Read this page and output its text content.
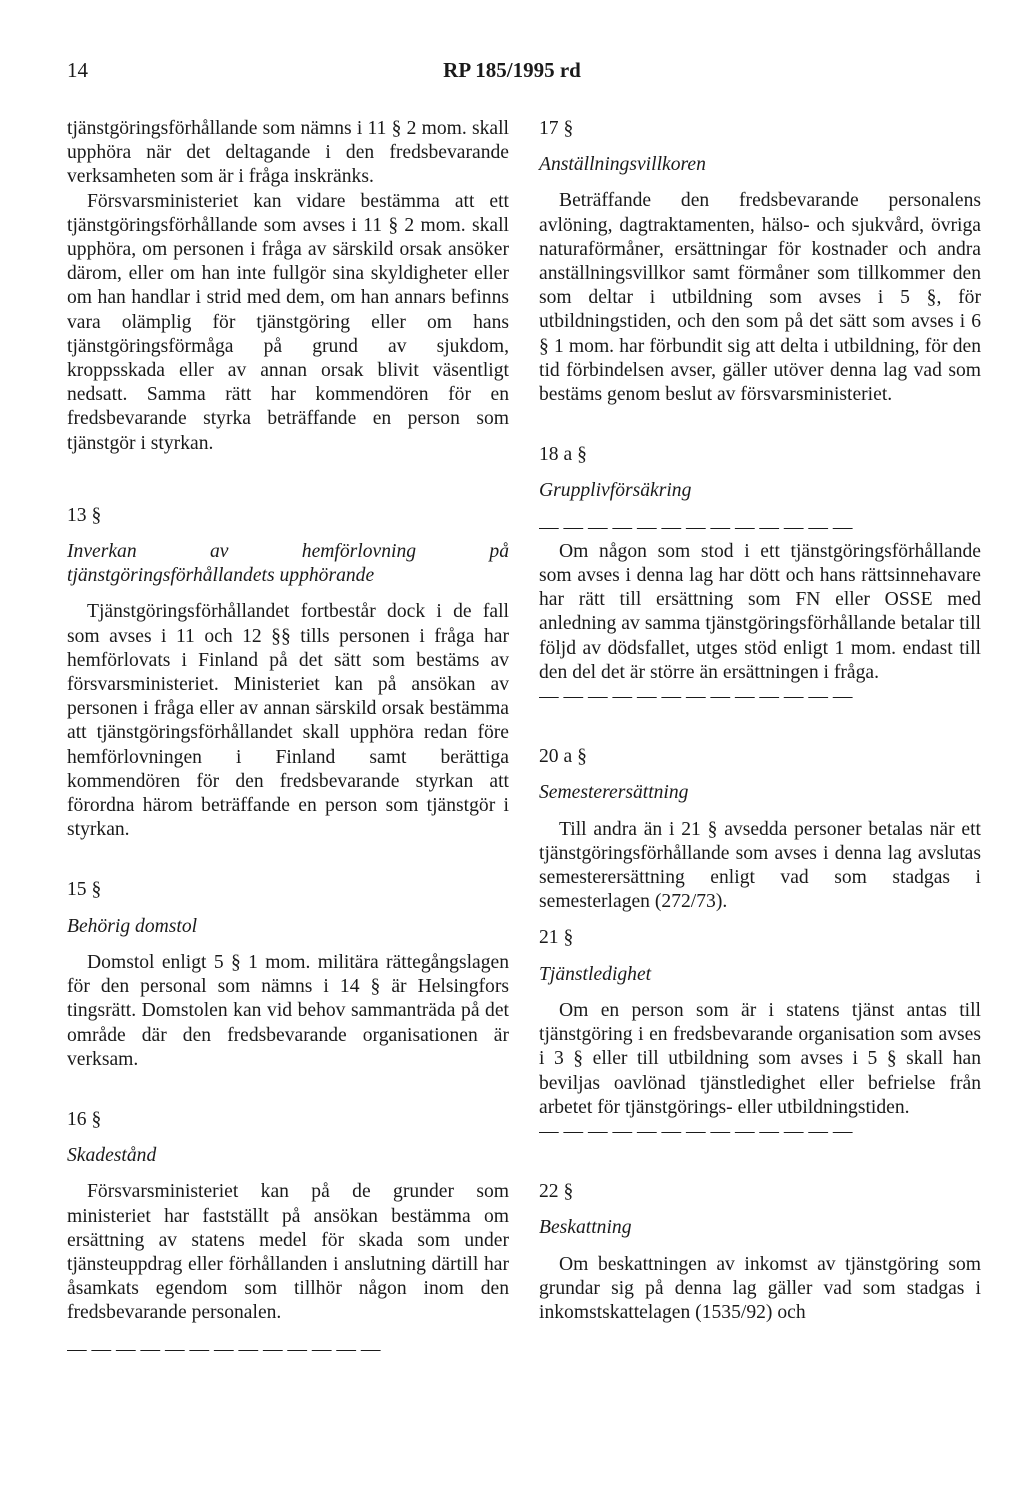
14	RP 185/1995 rd

tjänstgöringsförhållande som nämns i 11 § 2 mom. skall upphöra när det deltagande i den fredsbevarande verksamheten som är i fråga inskränks.

Försvarsministeriet kan vidare bestämma att ett tjänstgöringsförhållande som avses i 11 § 2 mom. skall upphöra, om personen i fråga av särskild orsak ansöker därom, eller om han inte fullgör sina skyldigheter eller om han handlar i strid med dem, om han annars befinns vara olämplig för tjänstgöring eller om hans tjänstgöringsförmåga på grund av sjukdom, kroppsskada eller av annan orsak blivit väsentligt nedsatt. Samma rätt har kommendören för en fredsbevarande styrka beträffande en person som tjänstgör i styrkan.

13 §

Inverkan av hemförlovning på tjänstgöringsförhållandets upphörande

Tjänstgöringsförhållandet fortbestår dock i de fall som avses i 11 och 12 §§ tills personen i fråga har hemförlovats i Finland på det sätt som bestäms av försvarsministeriet. Ministeriet kan på ansökan av personen i fråga eller av annan särskild orsak bestämma att tjänstgöringsförhållandet skall upphöra redan före hemförlovningen i Finland samt berättiga kommendören för den fredsbevarande styrkan att förordna härom beträffande en person som tjänstgör i styrkan.

15 §

Behörig domstol

Domstol enligt 5 § 1 mom. militära rättegångslagen för den personal som nämns i 14 § är Helsingfors tingsrätt. Domstolen kan vid behov sammanträda på det område där den fredsbevarande organisationen är verksam.

16 §

Skadestånd

Försvarsministeriet kan på de grunder som ministeriet har fastställt på ansökan bestämma om ersättning av statens medel för skada som under tjänsteuppdrag eller förhållanden i anslutning därtill har åsamkats egendom som tillhör någon inom den fredsbevarande personalen.

— — — — — — — — — — — — —

17 §

Anställningsvillkoren

Beträffande den fredsbevarande personalens avlöning, dagtraktamenten, hälso- och sjukvård, övriga naturaförmåner, ersättningar för kostnader och andra anställningsvillkor samt förmåner som tillkommer den som deltar i utbildning som avses i 5 §, för utbildningstiden, och den som på det sätt som avses i 6 § 1 mom. har förbundit sig att delta i utbildning, för den tid förbindelsen avser, gäller utöver denna lag vad som bestäms genom beslut av försvarsministeriet.

18 a §

Grupplivförsäkring

— — — — — — — — — — — — —

Om någon som stod i ett tjänstgöringsförhållande som avses i denna lag har dött och hans rättsinnehavare har rätt till ersättning som FN eller OSSE med anledning av samma tjänstgöringsförhållande betalar till följd av dödsfallet, utges stöd enligt 1 mom. endast till den del det är större än ersättningen i fråga.

— — — — — — — — — — — — —

20 a §

Semesterersättning

Till andra än i 21 § avsedda personer betalas när ett tjänstgöringsförhållande som avses i denna lag avslutas semesterersättning enligt vad som stadgas i semesterlagen (272/73).

21 §

Tjänstledighet

Om en person som är i statens tjänst antas till tjänstgöring i en fredsbevarande organisation som avses i 3 § eller till utbildning som avses i 5 § skall han beviljas oavlönad tjänstledighet eller befrielse från arbetet för tjänstgörings- eller utbildningstiden.

— — — — — — — — — — — — —

22 §

Beskattning

Om beskattningen av inkomst av tjänstgöring som grundar sig på denna lag gäller vad som stadgas i inkomstskattelagen (1535/92) och
